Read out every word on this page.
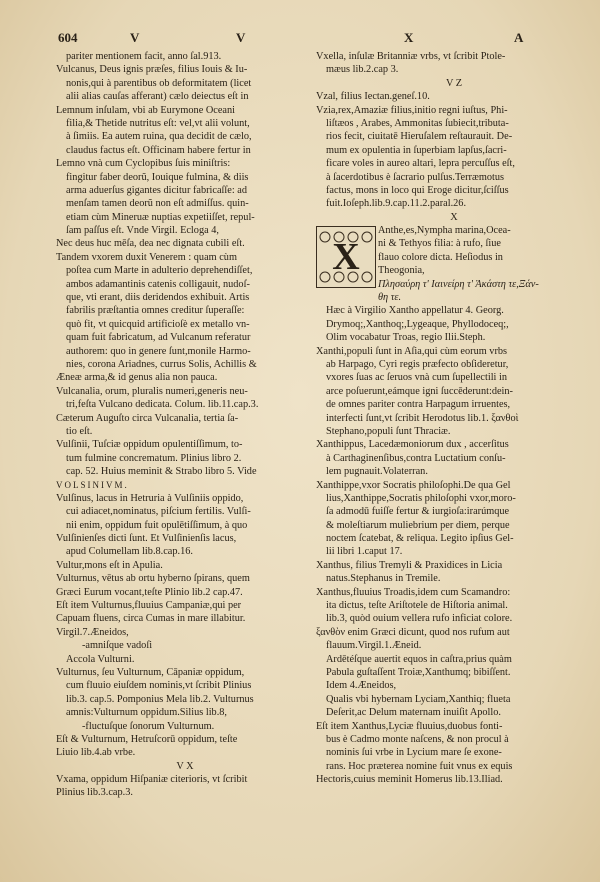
604	V	V	X	A
pariter mentionem facit, anno ſal.913.
Vulcanus, Deus ignis præſes, filius Iouis & Iu-
nonis,qui à parentibus ob deformitatem (licet
alii alias cauſas afferant) cælo deiectus eſt in
Lemnum inſulam, vbi ab Eurymone Oceani
filia,& Thetide nutritus eſt: vel,vt alii volunt,
à ſimiis. Ea autem ruina, qua decidit de cælo,
claudus factus eſt. Officinam habere fertur in
Lemno vnà cum Cyclopibus ſuis miniſtris:
fingitur faber deorũ, Iouique fulmina, & diis
arma aduerſus gigantes dicitur fabricaſſe: ad
menſam tamen deorũ non eſt admiſſus. quin-
etiam cùm Mineruæ nuptias expetiiſſet, repul-
ſam paſſus eſt. Vnde Virgil. Ecloga 4,
Nec deus huc mēſa, dea nec dignata cubili eſt.
Tandem vxorem duxit Venerem : quam cùm
poſtea cum Marte in adulterio deprehendiſſet,
ambos adamantinis catenis colligauit, nudoſ-
que, vti erant, diis deridendos exhibuit. Artis
fabrilis præſtantia omnes creditur ſuperaſſe:
quò fit, vt quicquid artificioſè ex metallo vn-
quam fuit fabricatum, ad Vulcanum referatur
authorem: quo in genere ſunt,monile Harmo-
nies, corona Ariadnes, currus Solis, Achillis &
Æneæ arma,& id genus alia non pauca.
Vulcanalia, orum, pluralis numeri,generis neu-
tri,feſta Vulcano dedicata. Colum. lib.11.cap.3.
Cæterum Auguſto circa Vulcanalia, tertia ſa-
tio eſt.
Vulſinii, Tuſciæ oppidum opulentiſſimum, to-
tum fulmine concrematum. Plinius libro 2.
cap. 52. Huius meminit & Strabo libro 5. Vide
VOLSINIVM.
Vulſinus, lacus in Hetruria à Vulſiniis oppido,
cui adiacet,nominatus, piſcium fertilis. Vulſi-
nii enim, oppidum fuit opulētiſſimum, à quo
Vulſinienſes dicti ſunt. Et Vulſinienſis lacus,
apud Columellam lib.8.cap.16.
Vultur,mons eſt in Apulia.
Vulturnus, vētus ab ortu hyberno ſpirans, quem
Græci Eurum vocant,teſte Plinio lib.2 cap.47.
Eſt item Vulturnus,fluuius Campaniæ,qui per
Capuam fluens, circa Cumas in mare illabitur.
Virgil.7.Æneidos,
-amniſque vadoſi
Accola Vulturni.
Vulturnus, ſeu Vulturnum, Cāpaniæ oppidum,
cum fluuio eiuſdem nominis,vt ſcribit Plinius
lib.3. cap.5. Pomponius Mela lib.2. Vulturnus
amnis:Vulturnum oppidum.Silius lib.8,
-fluctuſque ſonorum Vulturnum.
Eſt & Vulturnum, Hetruſcorū oppidum, teſte
Liuio lib.4.ab vrbe.
V X
Vxama, oppidum Hiſpaniæ citerioris, vt ſcribit
Plinius lib.3.cap.3.
Vxella, inſulæ Britanniæ vrbs, vt ſcribit Ptole-
mæus lib.2.cap 3.
V Z
Vzal, filius Iectan.geneſ.10.
Vzia,rex,Amaziæ filius,initio regni iuſtus, Phi-
liſtæos , Arabes, Ammonitas ſubiecit,tributa-
rios fecit, ciuitatē Hieruſalem reſtaurauit. De-
mum ex opulentia in ſuperbiam lapſus,ſacri-
ficare voles in aureo altari, lepra percuſſus eſt,
à ſacerdotibus è ſacrario pulſus.Terræmotus
factus, mons in loco qui Eroge dicitur,ſciſſus
fuit.Ioſeph.lib.9.cap.11.2.paral.26.
X
X
Anthe,es,Nympha marina,Ocea-
ni & Tethyos filia: à rufo, ſiue
flauo colore dicta. Heſiodus in
Theogonia,
Πλησαύρη τ' Ιαινείρη τ' Άκάστη τε,Ξάν-
θη τε.
Hæc à Virgilio Xantho appellatur 4. Georg.
Drymoq;,Xanthoq;,Lygeaque, Phyllodoceq;,
Olim vocabatur Troas, regio Ilii.Steph.
Xanthi,populi ſunt in Aſia,qui cùm eorum vrbs
ab Harpago, Cyri regis præfecto obſideretur,
vxores ſuas ac ſeruos vnà cum ſupellectili in
arce poſuerunt,eámque igni ſuccēderunt:dein-
de omnes pariter contra Harpagum irruentes,
interfecti ſunt,vt ſcribit Herodotus lib.1. ξανθοὶ
Stephano,populi ſunt Thraciæ.
Xanthippus, Lacedæmoniorum dux , accerſitus
à Carthaginenſibus,contra Luctatium conſu-
lem pugnauit.Volaterran.
Xanthippe,vxor Socratis philoſophi.De qua Gel
lius,Xanthippe,Socratis philoſophi vxor,moro-
ſa admodū fuiſſe fertur & iurgioſa:irarúmque
& moleſtiarum muliebrium per diem, perque
noctem ſcatebat, & reliqua. Legito ipſius Gel-
lii libri 1.caput 17.
Xanthus, filius Tremyli & Praxidices in Licia
natus.Stephanus in Tremile.
Xanthus,fluuius Troadis,idem cum Scamandro:
ita dictus, teſte Ariſtotele de Hiſtoria animal.
lib.3, quòd ouium vellera rufo inficiat colore.
ξανθὸν enim Græci dicunt, quod nos rufum aut
flauum.Virgil.1.Æneid.
Ardētéſque auertit equos in caſtra,prius quàm
Pabula guſtaſſent Troiæ,Xanthumq; bibiſſent.
Idem 4.Æneidos,
Qualis vbi hybernam Lyciam,Xanthiq; flueta
Deſerit,ac Delum maternam inuiſit Apollo.
Eſt item Xanthus,Lyciæ fluuius,duobus fonti-
bus è Cadmo monte naſcens, & non procul à
nominis ſui vrbe in Lycium mare ſe exone-
rans. Hoc præterea nomine fuit vnus ex equis
Hectoris,cuius meminit Homerus lib.13.Iliad.
